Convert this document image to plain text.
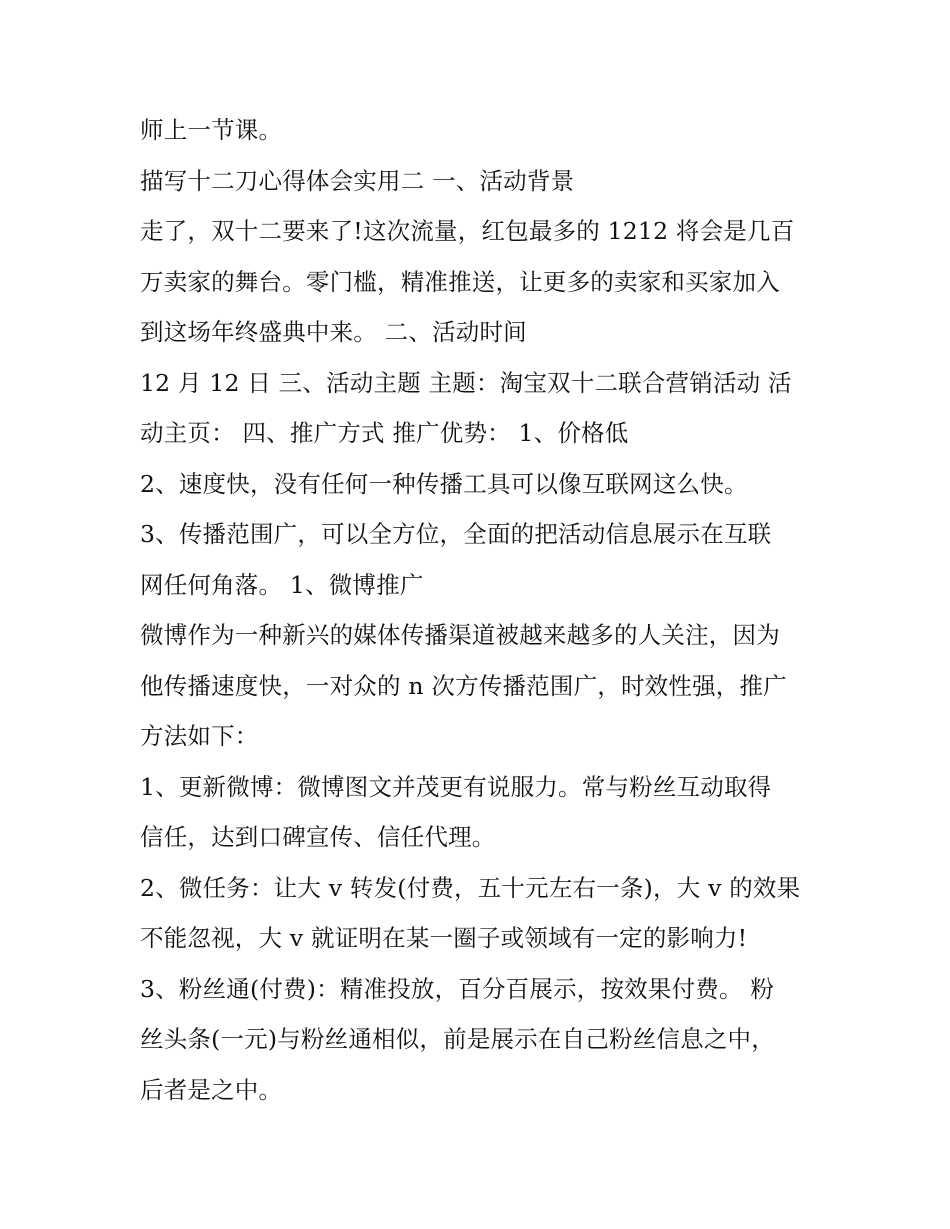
师上一节课。
描写十二刀心得体会实用二 一、活动背景
走了，双十二要来了!这次流量，红包最多的 1212 将会是几百
万卖家的舞台。零门槛，精准推送，让更多的卖家和买家加入
到这场年终盛典中来。 二、活动时间
12 月 12 日 三、活动主题 主题：淘宝双十二联合营销活动 活
动主页： 四、推广方式 推广优势： 1、价格低
2、速度快，没有任何一种传播工具可以像互联网这么快。
3、传播范围广，可以全方位，全面的把活动信息展示在互联
网任何角落。 1、微博推广
微博作为一种新兴的媒体传播渠道被越来越多的人关注，因为
他传播速度快，一对众的 n 次方传播范围广，时效性强，推广
方法如下：
1、更新微博：微博图文并茂更有说服力。常与粉丝互动取得
信任，达到口碑宣传、信任代理。
2、微任务：让大 v 转发(付费，五十元左右一条)，大 v 的效果
不能忽视，大 v 就证明在某一圈子或领域有一定的影响力!
3、粉丝通(付费)：精准投放，百分百展示，按效果付费。 粉
丝头条(一元)与粉丝通相似，前是展示在自己粉丝信息之中，
后者是之中。
